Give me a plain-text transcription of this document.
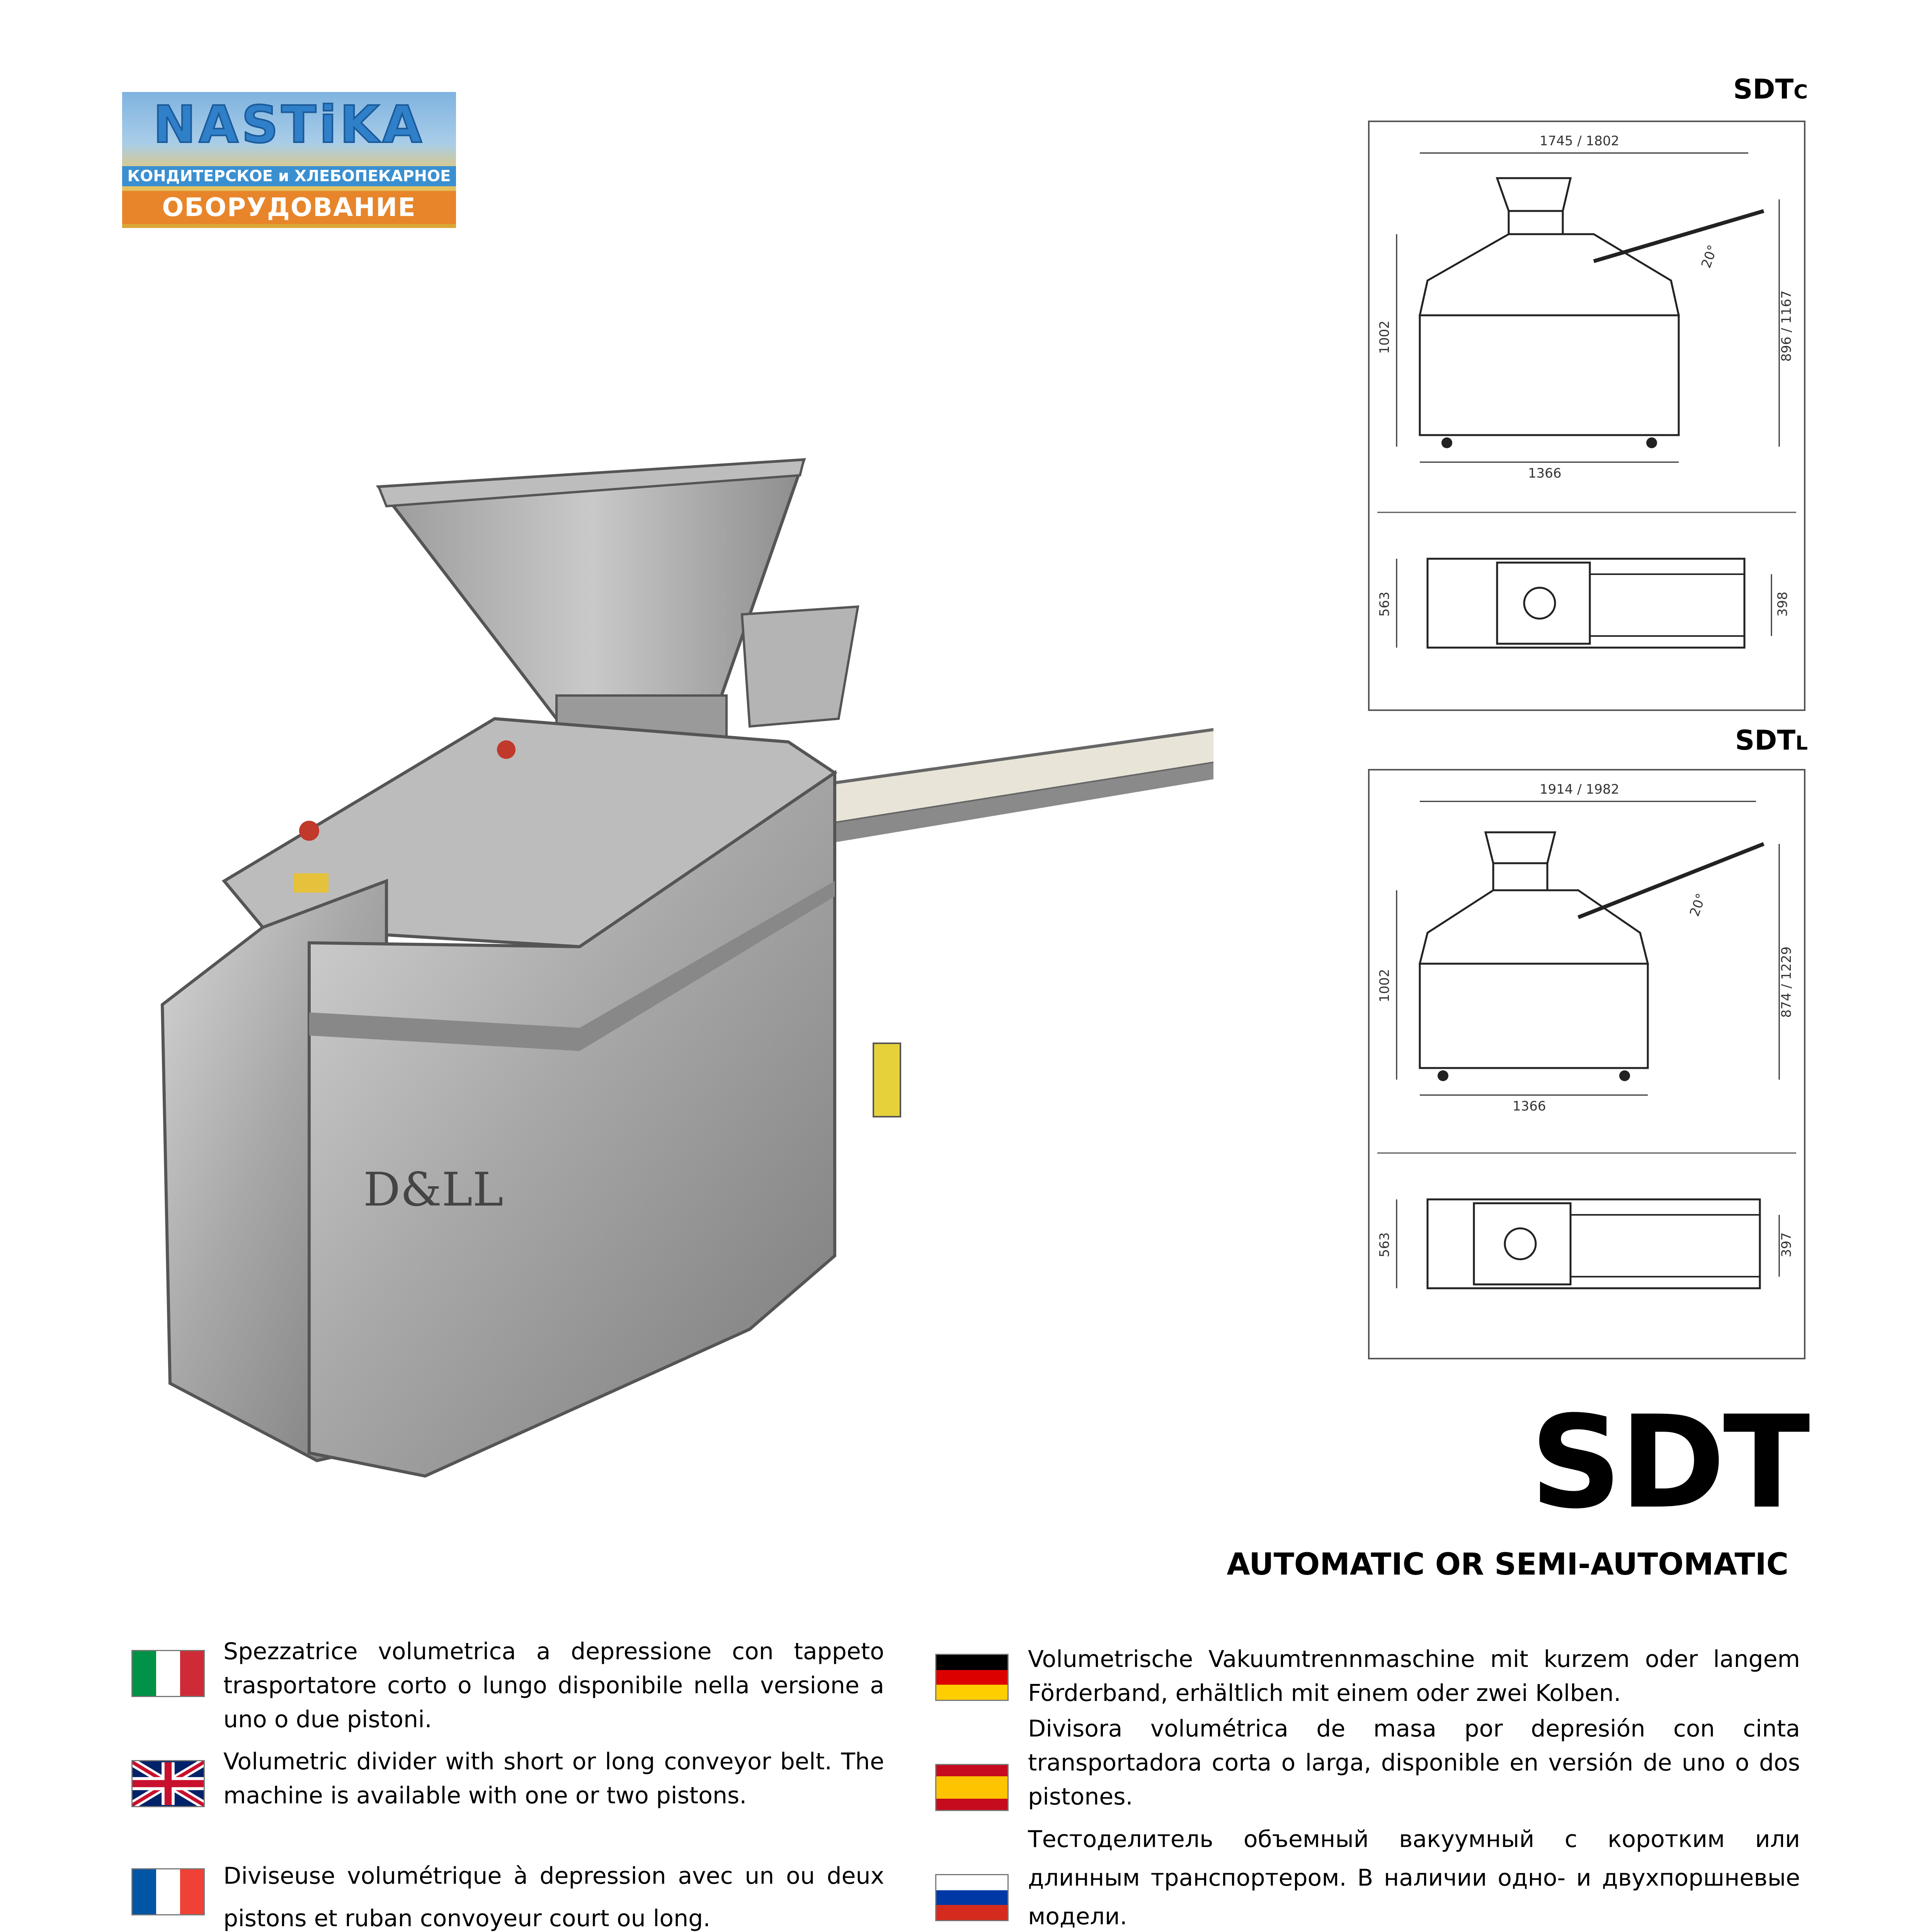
NASTiKA
КОНДИТЕРСКОЕ и ХЛЕБОПЕКАРНОЕ
ОБОРУДОВАНИЕ
D&LL
SDTC
1745 / 1802
1002	896 / 1167
20°
1366
563	398
SDTL
1914 / 1982
1002	874 / 1229
20°
1366
563	397
SDT
AUTOMATIC OR SEMI-AUTOMATIC
Spezzatrice volumetrica a depressione con tappeto trasportatore corto o lungo disponibile nella versione a uno o due pistoni.
Volumetric divider with short or long conveyor belt. The machine is available with one or two pistons.
Diviseuse volumétrique à depression avec un ou deux pistons et ruban convoyeur court ou long.
Volumetrische Vakuumtrennmaschine mit kurzem oder langem Förderband, erhältlich mit einem oder zwei Kolben.
Divisora volumétrica de masa por depresión con cinta transportadora corta o larga, disponible en versión de uno o dos pistones.
Тестоделитель объемный вакуумный с коротким или длинным транспортером. В наличии одно- и двухпоршневые модели.
